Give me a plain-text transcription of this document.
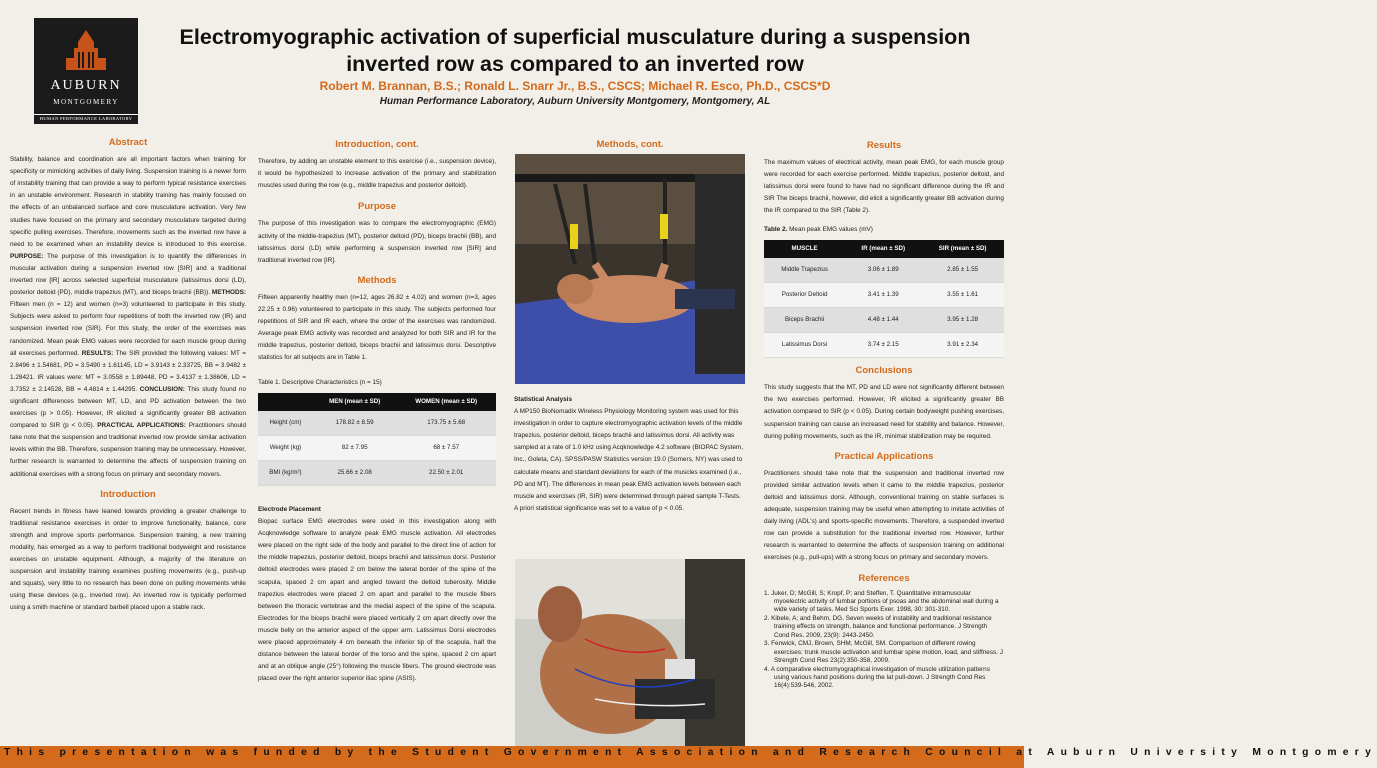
AUBURN
MONTGOMERY
HUMAN PERFORMANCE LABORATORY
Electromyographic activation of superficial musculature during a suspension inverted row as compared to an inverted row
Robert M. Brannan, B.S.; Ronald L. Snarr Jr., B.S., CSCS; Michael R. Esco, Ph.D., CSCS*D
Human Performance Laboratory, Auburn University Montgomery, Montgomery, AL
Abstract

Stability, balance and coordination are all important factors when training for specificity or mimicking activities of daily living. Suspension training is a newer form of instability training that can provide a way to perform typical resistance exercises in an unstable environment. Research in stability training has mainly focused on the effects of an unbalanced surface and core musculature activation. Very few studies have focused on the primary and secondary musculature targeted during specific pulling exercises. Therefore, movements such as the inverted row have a need to be examined when an instability device is introduced to this exercise. PURPOSE: The purpose of this investigation is to quantify the differences in muscular activation during a suspension inverted row [SIR] and a traditional inverted row [IR] across selected superficial musculature (latissimus dorsi (LD), posterior deltoid (PD), middle trapezius (MT), and biceps brachii (BB)). METHODS: Fifteen men (n = 12) and women (n=3) volunteered to participate in this study. Subjects were asked to perform four repetitions of both the inverted row (IR) and suspension inverted row (SIR). For this study, the order of the exercises was randomized. Mean peak EMG values were recorded for each muscle group during all exercises performed. RESULTS: The SIR provided the following values: MT = 2.8496 ± 1.54681, PD = 3.5490 ± 1.61145, LD = 3.9143 ± 2.33725, BB = 3.9482 ± 1.28421. IR values were: MT = 3.0558 ± 1.89448, PD = 3.4137 ± 1.38606, LD = 3.7352 ± 2.14528, BB = 4.4814 ± 1.44295. CONCLUSION: This study found no significant differences between MT, LD, and PD activation between the two exercises (p > 0.05). However, IR elicited a significantly greater BB activation compared to SIR (p < 0.05). PRACTICAL APPLICATIONS: Practitioners should take note that the suspension and traditional inverted row provide similar activation levels within the BB. Therefore, suspension training may be unnecessary. However, further research is warranted to determine the affects of suspension training on additional exercises with a strong focus on primary and secondary movers.

Introduction

Recent trends in fitness have leaned towards providing a greater challenge to traditional resistance exercises in order to improve functionality, balance, core strength and improve sports performance. Suspension training, a new training modality, has emerged as a way to perform traditional bodyweight and resistance exercises on unstable equipment. Although, a majority of the literature on suspension and instability training examines pushing movements (e.g., push-up and squats), very little to no research has been done on pulling movements while using these devices (e.g., inverted row). An inverted row is typically performed using a smith machine or standard barbell placed upon a stable rack.

Introduction, cont.

Therefore, by adding an unstable element to this exercise (i.e., suspension device), it would be hypothesized to increase activation of the primary and stabilization muscles used during the row (e.g., middle trapezius and posterior deltoid).

Purpose

The purpose of this investigation was to compare the electromyographic (EMG) activity of the middle-trapezius (MT), posterior deltoid (PD), biceps brachii (BB), and latissimus dorsi (LD) while performing a suspension inverted row [SIR] and traditional inverted row [IR].

Methods

Fifteen apparently healthy men (n=12, ages 26.82 ± 4.02) and women (n=3, ages 22.25 ± 0.96) volunteered to participate in this study. The subjects performed four repetitions of SIR and IR each, where the order of the exercises was randomized. Average peak EMG activity was recorded and analyzed for both SIR and IR for the middle trapezius, posterior deltoid, biceps brachii and latissimus dorsi. Descriptive statistics for all subjects are in Table 1.

Table 1. Descriptive Characteristics (n = 15)
	MEN (mean ± SD)	WOMEN (mean ± SD)
Height (cm)	178.82 ± 8.59	173.75 ± 5.68
Weight (kg)	82 ± 7.95	68 ± 7.57
BMI (kg/m²)	25.66 ± 2.08	22.50 ± 2.01
Electrode Placement

Biopac surface EMG electrodes were used in this investigation along with Acqknowledge software to analyze peak EMG muscle activation. All electrodes were placed on the right side of the body and parallel to the direct line of action for the middle trapezius, posterior deltoid, biceps brachii and latissimus dorsi. Posterior deltoid electrodes were placed 2 cm below the lateral border of the spine of the scapula, spaced 2 cm apart and angled toward the deltoid tuberosity. Middle trapezius electrodes were placed 2 cm apart and parallel to the muscle fibers between the thoracic vertebrae and the medial aspect of the spine of the scapula. Electrodes for the biceps brachii were placed vertically 2 cm apart directly over the muscle belly on the anterior aspect of the upper arm. Latissimus Dorsi electrodes were placed approximately 4 cm beneath the inferior tip of the scapula, half the distance between the lateral border of the torso and the spine, spaced 2 cm apart and at an oblique angle (25°) following the muscle fibers. The ground electrode was placed over the right anterior superior iliac spine (ASIS).

Methods, cont.
Statistical Analysis

A MP150 BioNomadix Wireless Physiology Monitoring system was used for this investigation in order to capture electromyographic activation levels of the middle trapezius, posterior deltoid, biceps brachii and latissimus dorsi. All activity was sampled at a rate of 1.0 kHz using Acqknowledge 4.2 software (BIOPAC System, Inc., Goleta, CA). SPSS/PASW Statistics version 19.0 (Somers, NY) was used to calculate means and standard deviations for each of the muscles examined (i.e., PD and MT). The differences in mean peak EMG activation levels between each muscle and exercises (IR, SIR) were determined through paired sample T-Tests. A priori statistical significance was set to a value of p < 0.05.

Results

The maximum values of electrical activity, mean peak EMG, for each muscle group were recorded for each exercise performed. Middle trapezius, posterior deltoid, and latissimus dorsi were found to have had no significant difference during the IR and SIR The biceps brachii, however, did elicit a significantly greater BB activation during the IR compared to the SIR (Table 2).

Table 2. Mean peak EMG values (mV)
MUSCLE	IR (mean ± SD)	SIR (mean ± SD)
Middle Trapezius	3.06 ± 1.89	2.85 ± 1.55
Posterior Deltoid	3.41 ± 1.39	3.55 ± 1.61
Biceps Brachii	4.48 ± 1.44	3.95 ± 1.28
Latissimus Dorsi	3.74 ± 2.15	3.91 ± 2.34
Conclusions

This study suggests that the MT, PD and LD were not significantly different between the two exercises performed. However, IR elicited a significantly greater BB activation compared to SIR (p < 0.05). During certain bodyweight pushing exercises, suspension training can cause an increased need for stability and balance. However, during pulling movements, such as the IR, minimal stabilization may be required.

Practical Applications

Practitioners should take note that the suspension and traditional inverted row provided similar activation levels when it came to the middle trapezius, posterior deltoid and latissimus dorsi. Although, conventional training on stable surfaces is adequate, suspension training may be useful when attempting to imitate activities of daily living (ADL's) and sports-specific movements. Therefore, a suspended inverted row can provide a substitution for the traditional inverted row. However, further research is warranted to determine the affects of suspension training on additional exercises (e.g., pull-ups) with a strong focus on primary and secondary movers.

References
1. Juker, D; McGill, S; Kropf, P; and Steffen, T. Quantitative intramuscular myoelectric activity of lumbar portions of psoas and the abdominal wall during a wide variety of tasks. Med Sci Sports Exer. 1998, 30: 301-310.
2. Kibele, A; and Behm, DG. Seven weeks of instability and traditional resistance training effects on strength, balance and functional performance. J Strength Cond Res. 2009, 23(9): 2443-2450.
3. Fenwick, CMJ, Brown, SHM, McGill, SM. Comparison of different rowing exercises: trunk muscle activation and lumbar spine motion, load, and stiffness. J Strength Cond Res 23(2):350-358, 2009.
4. A comparative electromyographical investigation of muscle utilization patterns using various hand positions during the lat pull-down. J Strength Cond Res 16(4):539-546, 2002.
This presentation was funded by the Student Government Association and Research Council at Auburn University Montgomery
